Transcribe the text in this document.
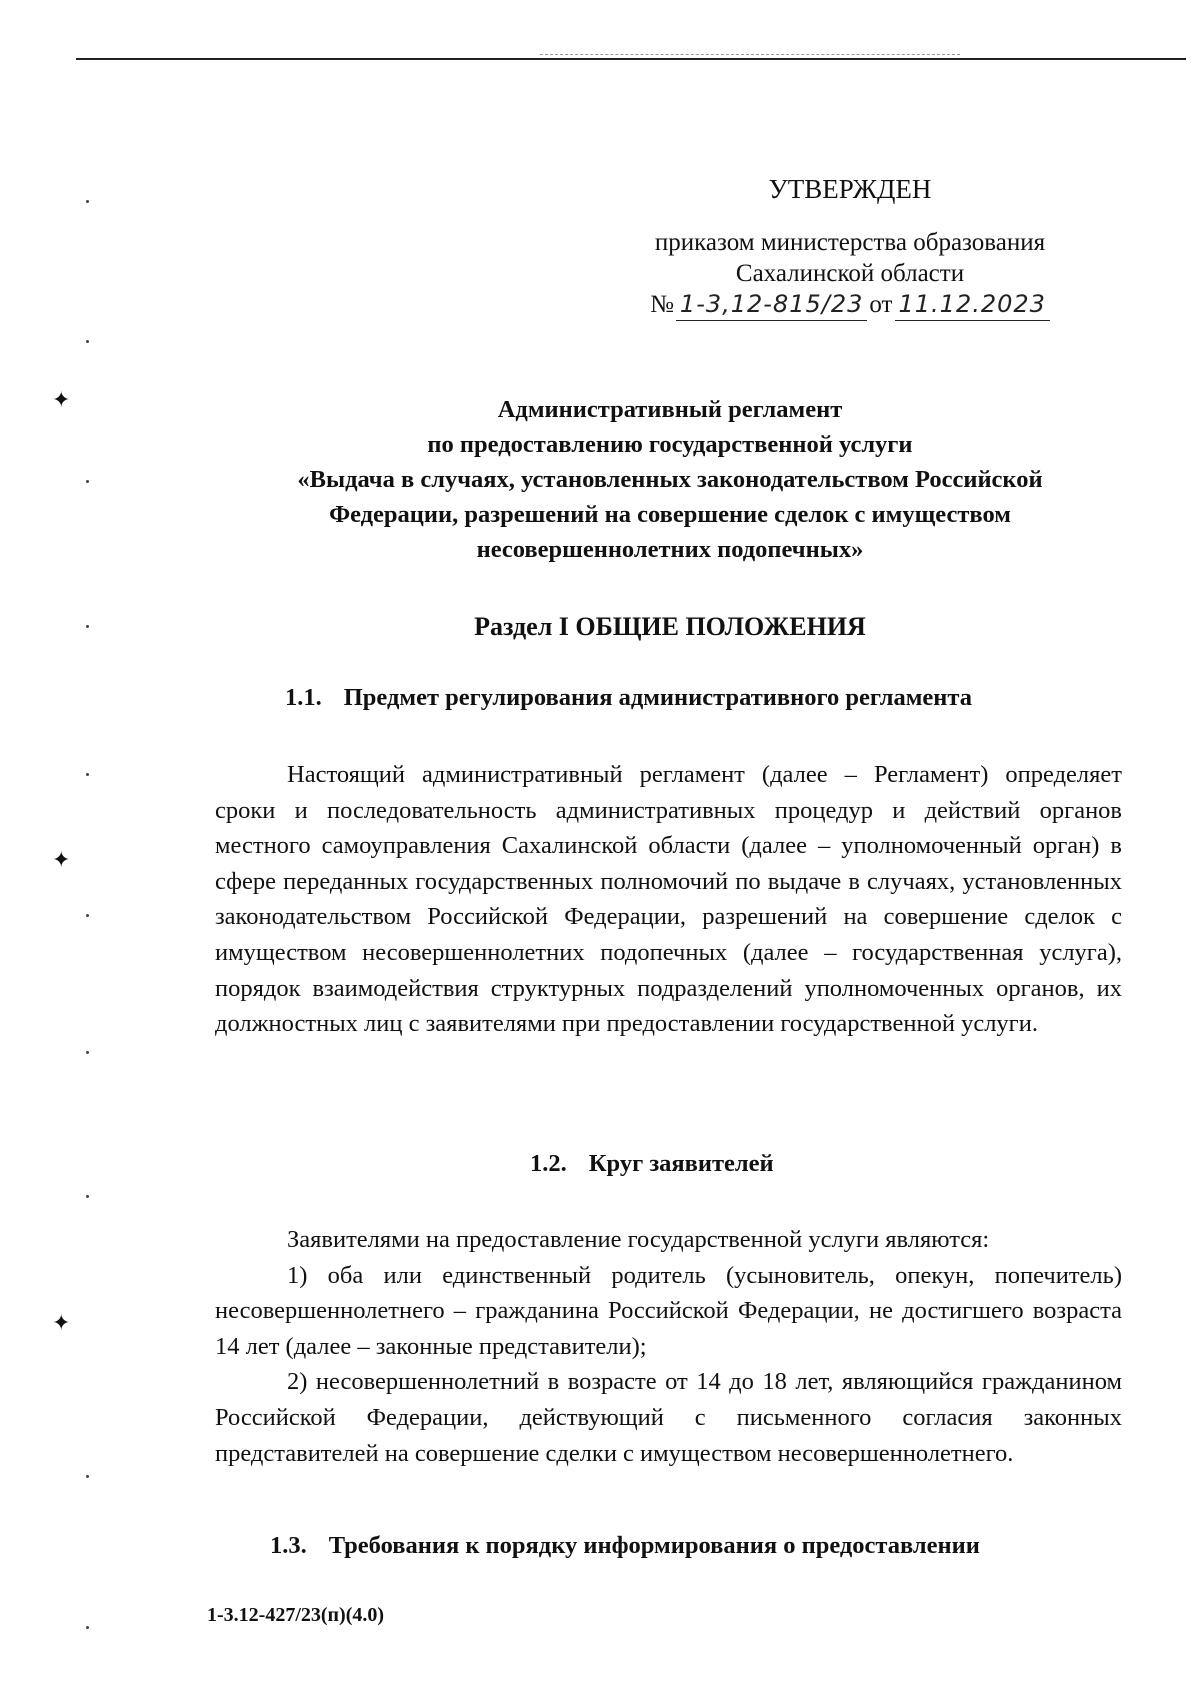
✦
✦
✦
УТВЕРЖДЕН
приказом министерства образования
Сахалинской области
№ 1-3,12-815/23 от 11.12.2023
Административный регламент
по предоставлению государственной услуги
«Выдача в случаях, установленных законодательством Российской
Федерации, разрешений на совершение сделок с имуществом
несовершеннолетних подопечных»
Раздел I ОБЩИЕ ПОЛОЖЕНИЯ
1.1. Предмет регулирования административного регламента

Настоящий административный регламент (далее – Регламент) определяет сроки и последовательность административных процедур и действий органов местного самоуправления Сахалинской области (далее – уполномоченный орган) в сфере переданных государственных полномочий по выдаче в случаях, установленных законодательством Российской Федерации, разрешений на совершение сделок с имуществом несовершеннолетних подопечных (далее – государственная услуга), порядок взаимодействия структурных подразделений уполномоченных органов, их должностных лиц с заявителями при предоставлении государственной услуги.

1.2. Круг заявителей

Заявителями на предоставление государственной услуги являются:

1) оба или единственный родитель (усыновитель, опекун, попечитель) несовершеннолетнего – гражданина Российской Федерации, не достигшего возраста 14 лет (далее – законные представители);

2) несовершеннолетний в возрасте от 14 до 18 лет, являющийся гражданином Российской Федерации, действующий с письменного согласия законных представителей на совершение сделки с имуществом несовершеннолетнего.

1.3. Требования к порядку информирования о предоставлении
1-3.12-427/23(п)(4.0)
